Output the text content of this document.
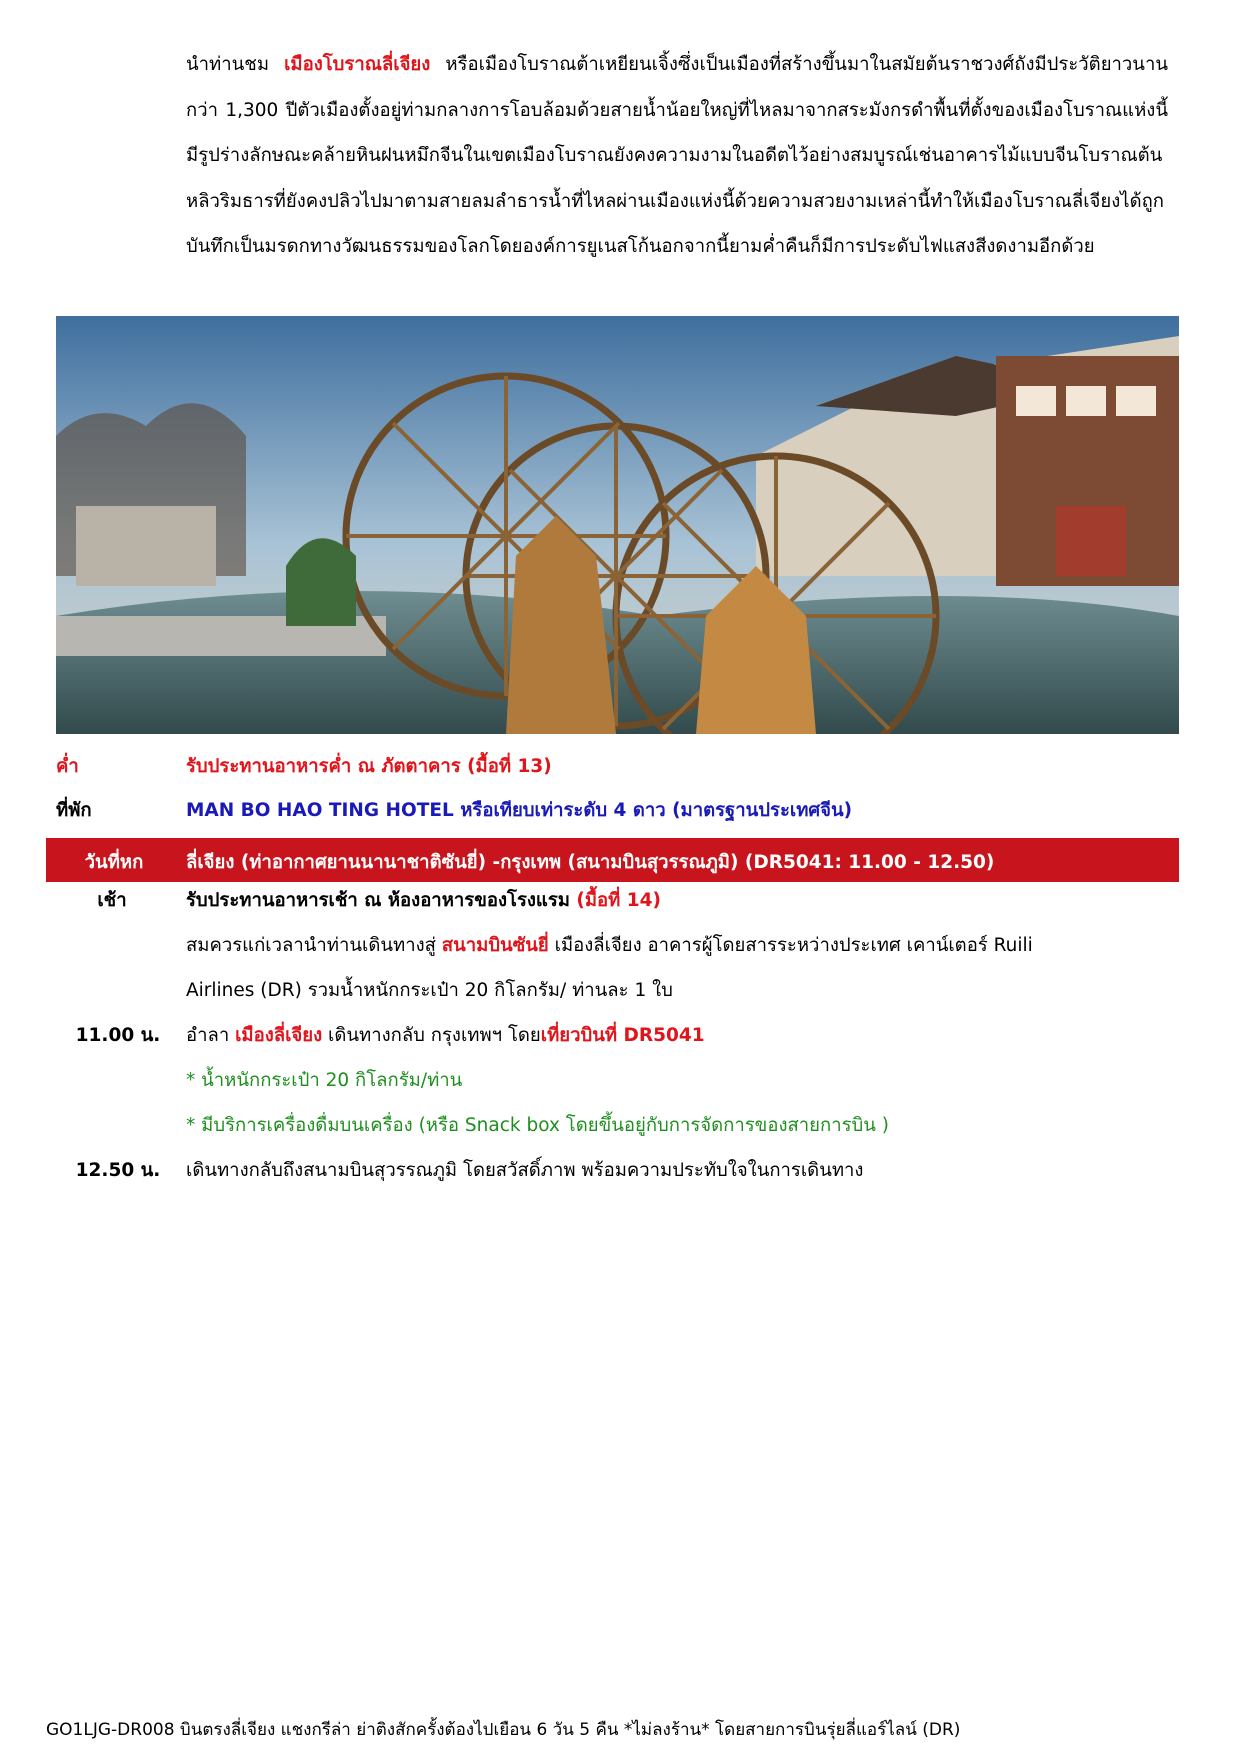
นำท่านชม เมืองโบราณลี่เจียง หรือเมืองโบราณต้าเหยียนเจิ้งซึ่งเป็นเมืองที่สร้างขึ้นมาในสมัยต้นราชวงศ์ถังมีประวัติยาวนานกว่า 1,300 ปีตัวเมืองตั้งอยู่ท่ามกลางการโอบล้อมด้วยสายน้ำน้อยใหญ่ที่ไหลมาจากสระมังกรดำพื้นที่ตั้งของเมืองโบราณแห่งนี้มีรูปร่างลักษณะคล้ายหินฝนหมึกจีนในเขตเมืองโบราณยังคงความงามในอดีตไว้อย่างสมบูรณ์เช่นอาคารไม้แบบจีนโบราณต้นหลิวริมธารที่ยังคงปลิวไปมาตามสายลมลำธารน้ำที่ไหลผ่านเมืองแห่งนี้ด้วยความสวยงามเหล่านี้ทำให้เมืองโบราณลี่เจียงได้ถูกบันทึกเป็นมรดกทางวัฒนธรรมของโลกโดยองค์การยูเนสโก้นอกจากนี้ยามค่ำคืนก็มีการประดับไฟแสงสีงดงามอีกด้วย

ค่ำ	รับประทานอาหารค่ำ ณ ภัตตาคาร (มื้อที่ 13)
ที่พัก	MAN BO HAO TING HOTEL หรือเทียบเท่าระดับ 4 ดาว (มาตรฐานประเทศจีน)
วันที่หก	ลี่เจียง (ท่าอากาศยานนานาชาติซันยี่) -กรุงเทพ (สนามบินสุวรรณภูมิ) (DR5041: 11.00 - 12.50)
เช้า	รับประทานอาหารเช้า ณ ห้องอาหารของโรงแรม (มื้อที่ 14)
สมควรแก่เวลานำท่านเดินทางสู่ สนามบินซันยี่ เมืองลี่เจียง อาคารผู้โดยสารระหว่างประเทศ เคาน์เตอร์ Ruili
Airlines (DR) รวมน้ำหนักกระเป๋า 20 กิโลกรัม/ ท่านละ 1 ใบ
11.00 น.	อำลา เมืองลี่เจียง เดินทางกลับ กรุงเทพฯ โดยเที่ยวบินที่ DR5041
* น้ำหนักกระเป๋า 20 กิโลกรัม/ท่าน
* มีบริการเครื่องดื่มบนเครื่อง (หรือ Snack box โดยขึ้นอยู่กับการจัดการของสายการบิน )
12.50 น.	เดินทางกลับถึงสนามบินสุวรรณภูมิ โดยสวัสดิ์ภาพ พร้อมความประทับใจในการเดินทาง
GO1LJG-DR008 บินตรงลี่เจียง แชงกรีล่า ย่าติงสักครั้งต้องไปเยือน 6 วัน 5 คืน *ไม่ลงร้าน* โดยสายการบินรุ่ยลี่แอร์ไลน์ (DR)
